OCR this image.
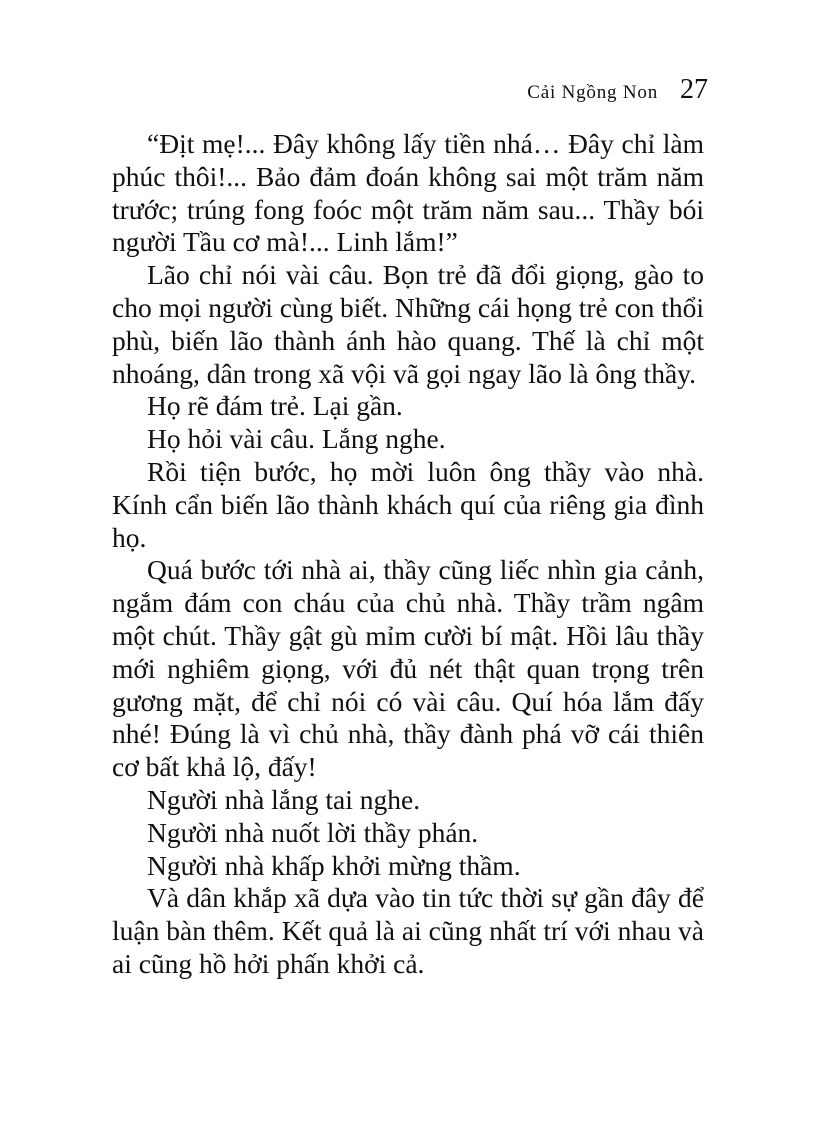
Cải Ngồng Non 27

“Địt mẹ!... Đây không lấy tiền nhá… Đây chỉ làm phúc thôi!... Bảo đảm đoán không sai một trăm năm trước; trúng fong foóc một trăm năm sau... Thầy bói người Tầu cơ mà!... Linh lắm!”

Lão chỉ nói vài câu. Bọn trẻ đã đổi giọng, gào to cho mọi người cùng biết. Những cái họng trẻ con thổi phù, biến lão thành ánh hào quang. Thế là chỉ một nhoáng, dân trong xã vội vã gọi ngay lão là ông thầy.

Họ rẽ đám trẻ. Lại gần.

Họ hỏi vài câu. Lắng nghe.

Rồi tiện bước, họ mời luôn ông thầy vào nhà. Kính cẩn biến lão thành khách quí của riêng gia đình họ.

Quá bước tới nhà ai, thầy cũng liếc nhìn gia cảnh, ngắm đám con cháu của chủ nhà. Thầy trầm ngâm một chút. Thầy gật gù mỉm cười bí mật. Hồi lâu thầy mới nghiêm giọng, với đủ nét thật quan trọng trên gương mặt, để chỉ nói có vài câu. Quí hóa lắm đấy nhé! Đúng là vì chủ nhà, thầy đành phá vỡ cái thiên cơ bất khả lộ, đấy!

Người nhà lắng tai nghe.

Người nhà nuốt lời thầy phán.

Người nhà khấp khởi mừng thầm.

Và dân khắp xã dựa vào tin tức thời sự gần đây để luận bàn thêm. Kết quả là ai cũng nhất trí với nhau và ai cũng hồ hởi phấn khởi cả.
